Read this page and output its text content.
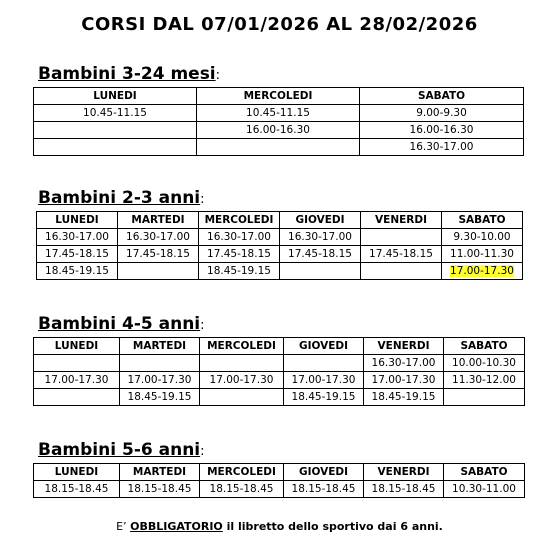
CORSI DAL 07/01/2026 AL 28/02/2026
Bambini 3-24 mesi:
LUNEDI	MERCOLEDI	SABATO
10.45-11.15	10.45-11.15	9.00-9.30
	16.00-16.30	16.00-16.30
		16.30-17.00
Bambini 2-3 anni:
LUNEDI	MARTEDI	MERCOLEDI	GIOVEDI	VENERDI	SABATO
16.30-17.00	16.30-17.00	16.30-17.00	16.30-17.00		9.30-10.00
17.45-18.15	17.45-18.15	17.45-18.15	17.45-18.15	17.45-18.15	11.00-11.30
18.45-19.15		18.45-19.15			17.00-17.30
Bambini 4-5 anni:
LUNEDI	MARTEDI	MERCOLEDI	GIOVEDI	VENERDI	SABATO
				16.30-17.00	10.00-10.30
17.00-17.30	17.00-17.30	17.00-17.30	17.00-17.30	17.00-17.30	11.30-12.00
	18.45-19.15		18.45-19.15	18.45-19.15	
Bambini 5-6 anni:
LUNEDI	MARTEDI	MERCOLEDI	GIOVEDI	VENERDI	SABATO
18.15-18.45	18.15-18.45	18.15-18.45	18.15-18.45	18.15-18.45	10.30-11.00
E’ OBBLIGATORIO il libretto dello sportivo dai 6 anni.
